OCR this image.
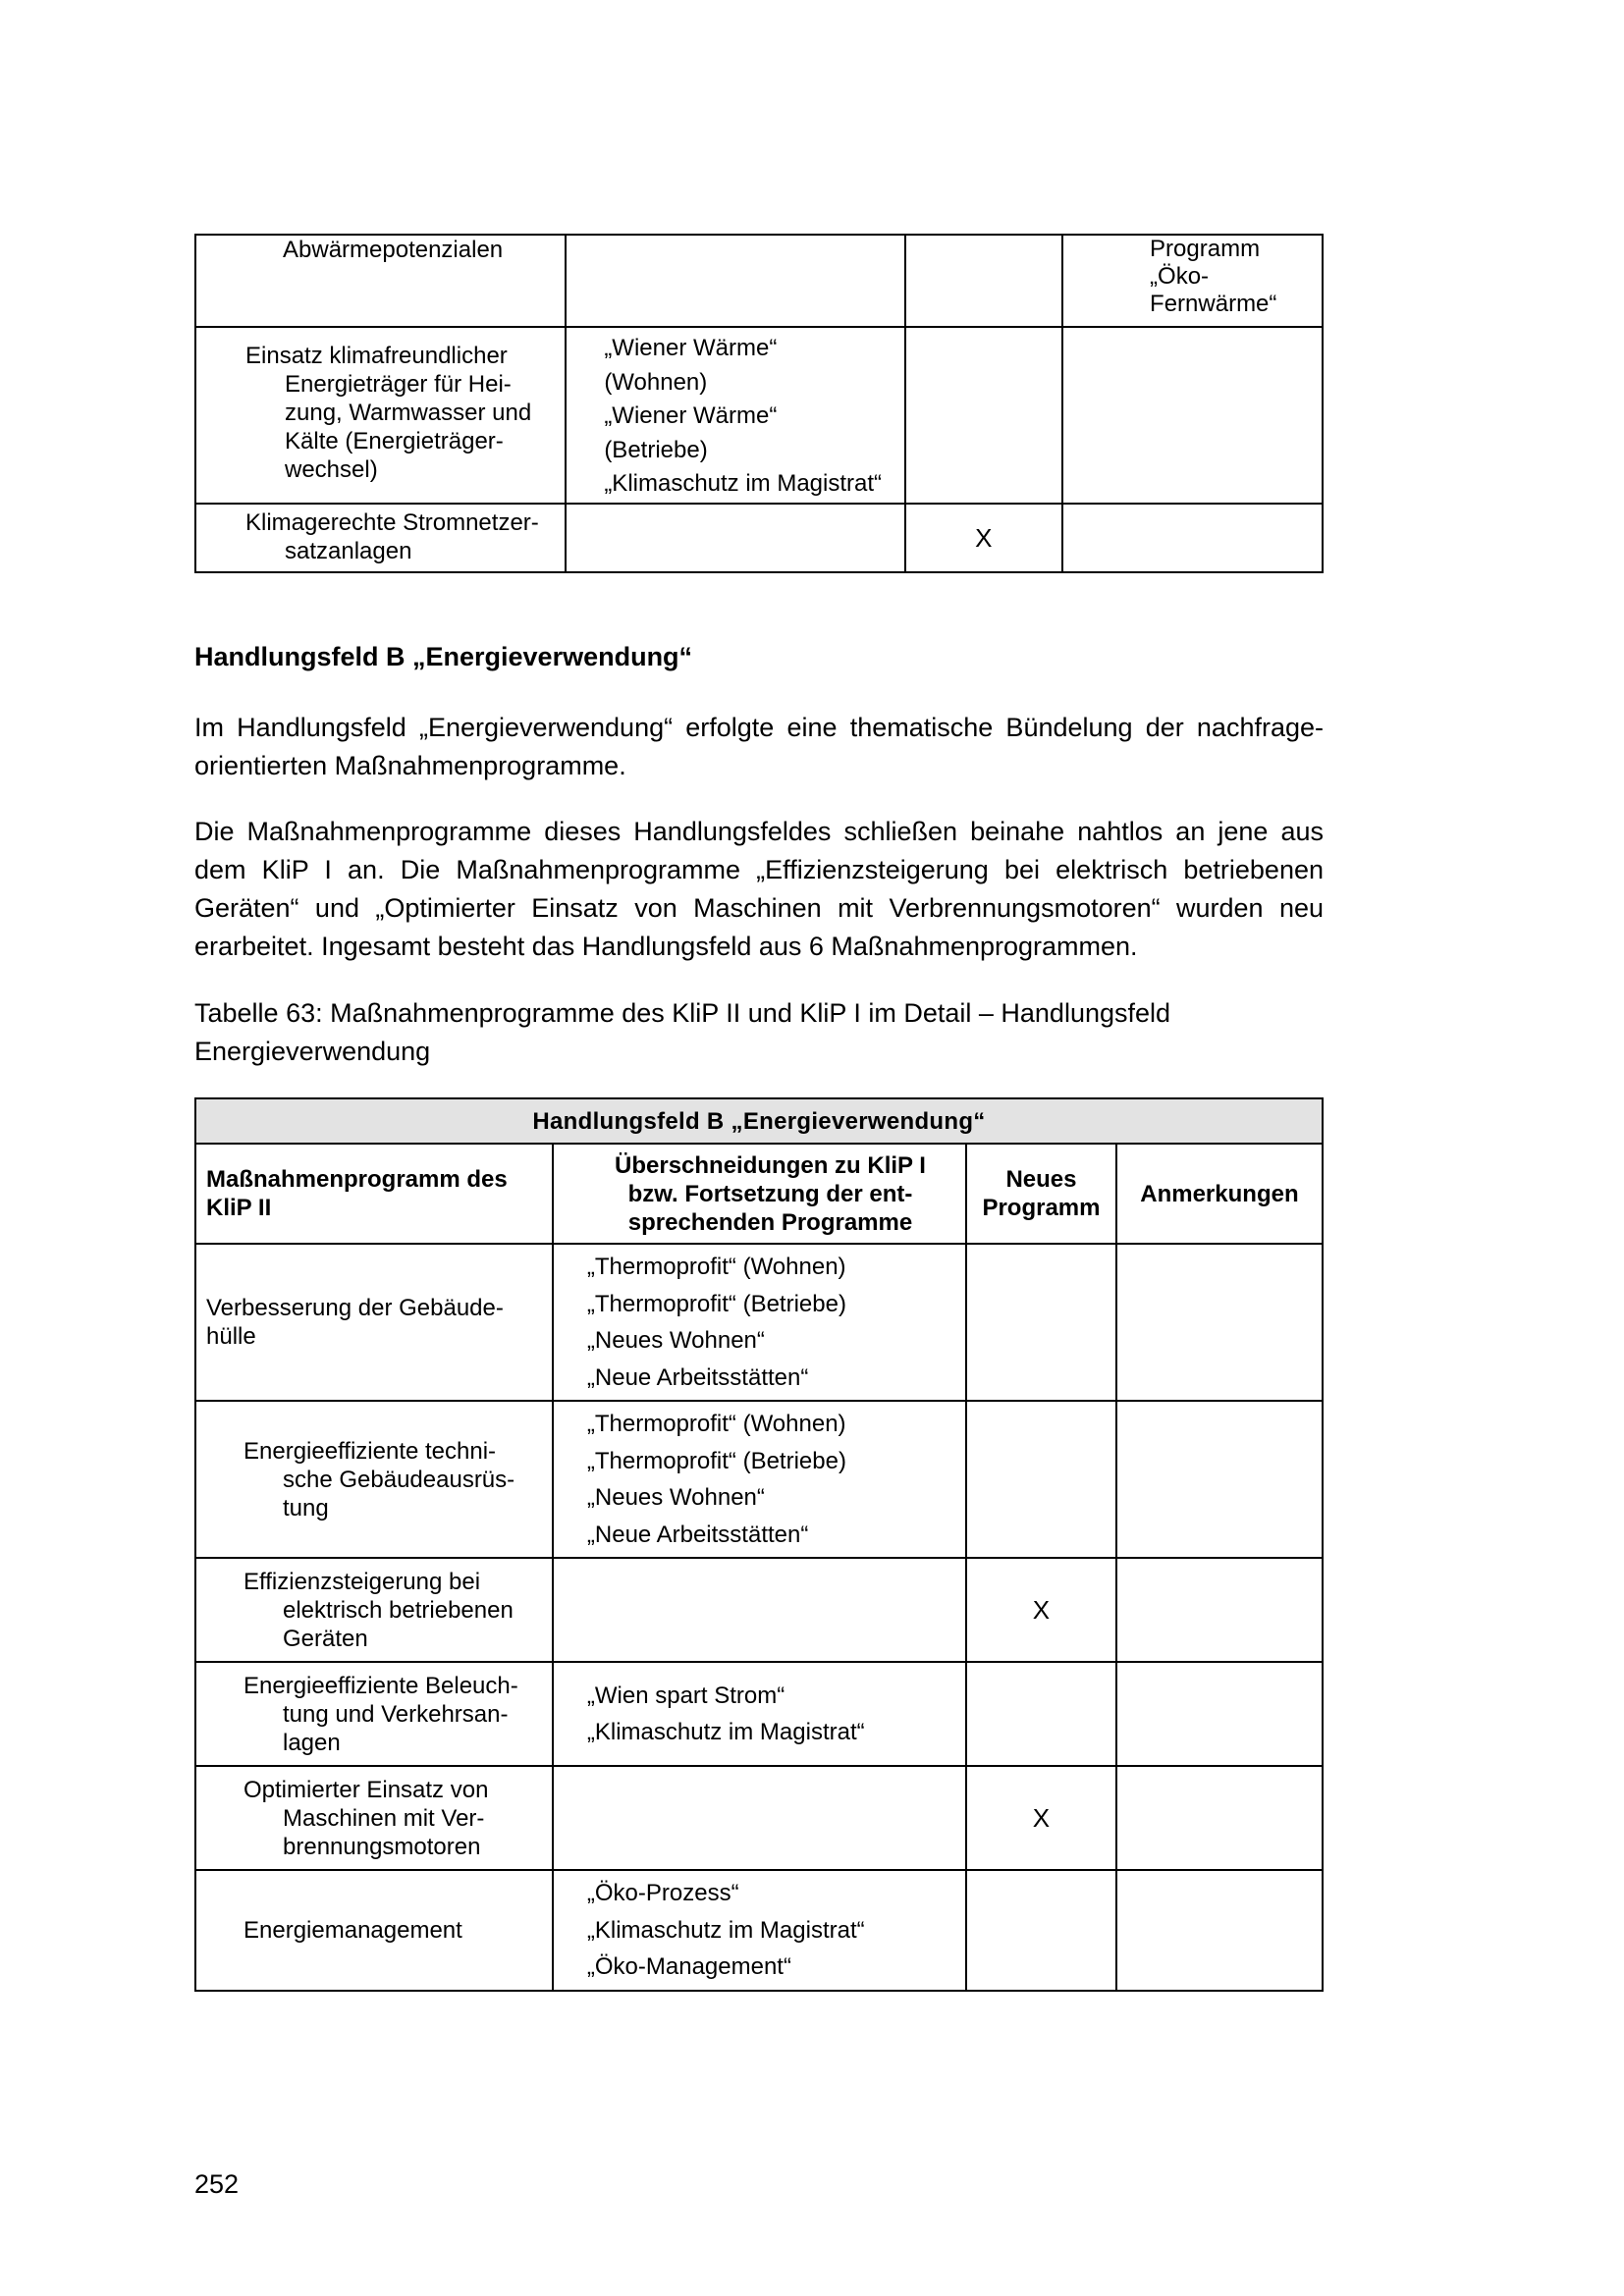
Abwärmepotenzialen			Programm
„Öko-
Fernwärme“

Einsatz klimafreundlicher
Energieträger für Hei-
zung, Warmwasser und
Kälte (Energieträger-
wechsel)	„Wiener Wärme“
(Wohnen)
„Wiener Wärme“
(Betriebe)
„Klimaschutz im Magistrat“		

Klimagerechte Stromnetzer-
satzanlagen		X	
Handlungsfeld B „Energieverwendung“

Im Handlungsfeld „Energieverwendung“ erfolgte eine thematische Bündelung der nachfrage-orientierten Maßnahmenprogramme.

Die Maßnahmenprogramme dieses Handlungsfeldes schließen beinahe nahtlos an jene aus dem KliP I an. Die Maßnahmenprogramme „Effizienzsteigerung bei elektrisch betriebenen Geräten“ und „Optimierter Einsatz von Maschinen mit Verbrennungsmotoren“ wurden neu erarbeitet. Ingesamt besteht das Handlungsfeld aus 6 Maßnahmenprogrammen.

Tabelle 63: Maßnahmenprogramme des KliP II und KliP I im Detail – Handlungsfeld Energieverwendung

Handlungsfeld B „Energieverwendung“			
Maßnahmenprogramm des KliP II	Überschneidungen zu KliP I bzw. Fortsetzung der ent-sprechenden Programme	Neues Programm	Anmerkungen

Verbesserung der Gebäude-
hülle	„Thermoprofit“ (Wohnen)
„Thermoprofit“ (Betriebe)
„Neues Wohnen“
„Neue Arbeitsstätten“		

Energieeffiziente techni-
sche Gebäudeausrüs-
tung	„Thermoprofit“ (Wohnen)
„Thermoprofit“ (Betriebe)
„Neues Wohnen“
„Neue Arbeitsstätten“		

Effizienzsteigerung bei
elektrisch betriebenen
Geräten		X	

Energieeffiziente Beleuch-
tung und Verkehrsan-
lagen	„Wien spart Strom“
„Klimaschutz im Magistrat“		

Optimierter Einsatz von
Maschinen mit Ver-
brennungsmotoren		X	

Energiemanagement	„Öko-Prozess“
„Klimaschutz im Magistrat“
„Öko-Management“		

252
